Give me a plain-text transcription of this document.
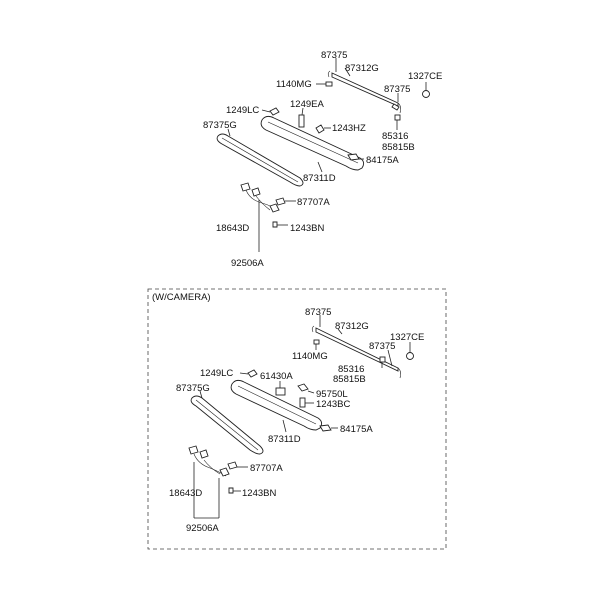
87375
87312G
1140MG
1327CE
87375
1249LC
1249EA
87375G	1243HZ
85316
85815B
84175A
87311D
87707A
18643D	1243BN
92506A
(W/CAMERA)
87375
87312G
1327CE
1140MG
87375
85316
85815B
1249LC	61430A
87375G
95750L
1243BC
84175A
87311D
87707A
18643D	1243BN
92506A
